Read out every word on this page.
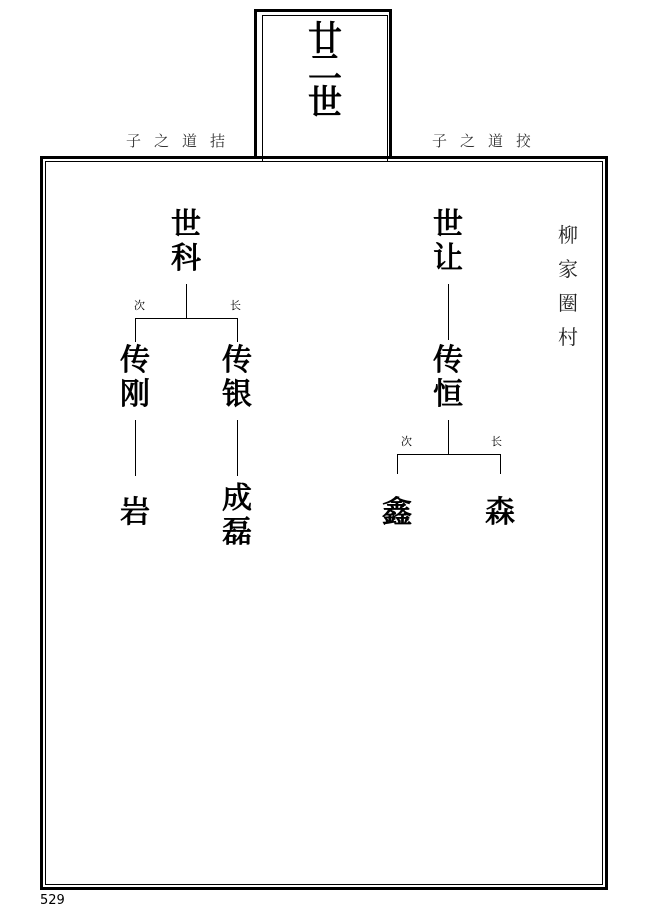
廿
二
世
子之道拮	子之道挍
柳
家
圈
村
世
科
次	长
传
刚
传
银
岩 成
磊
世
让
传
恒
次	长
鑫 森
529
